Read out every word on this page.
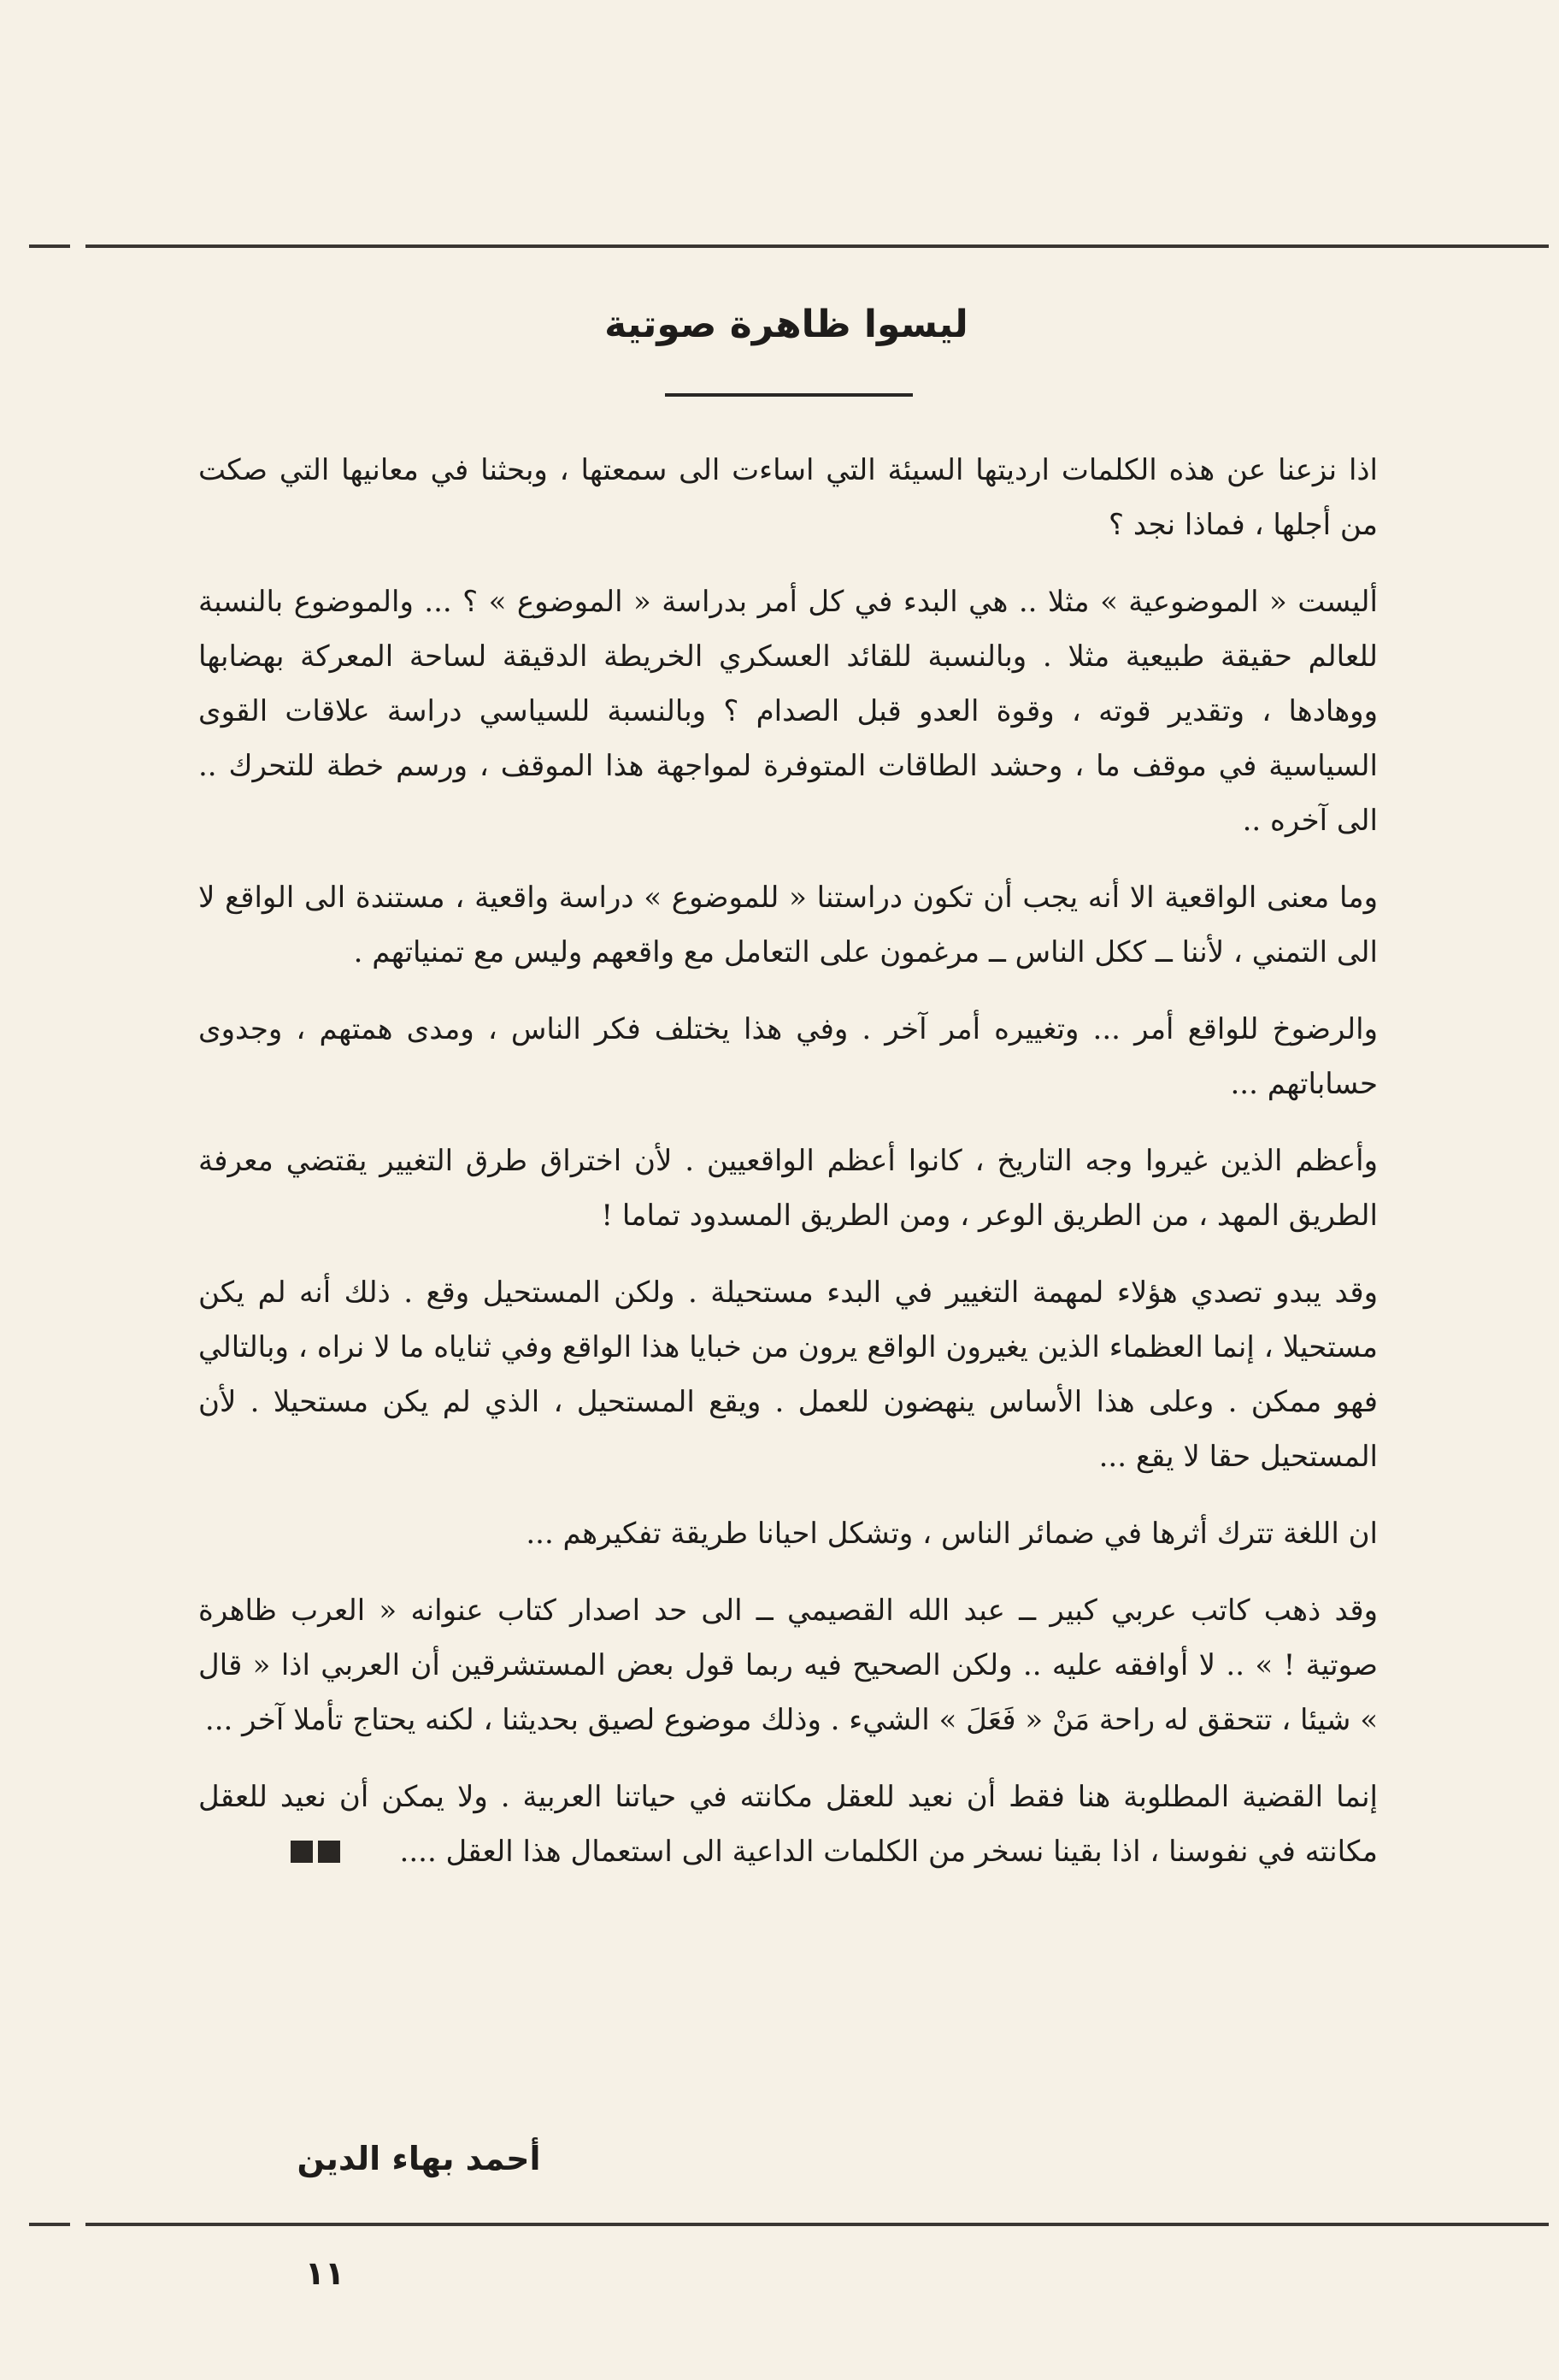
ليسوا ظاهرة صوتية

اذا نزعنا عن هذه الكلمات ارديتها السيئة التي اساءت الى سمعتها ، وبحثنا في معانيها التي صكت من أجلها ، فماذا نجد ؟

أليست « الموضوعية » مثلا .. هي البدء في كل أمر بدراسة « الموضوع » ؟ ... والموضوع بالنسبة للعالم حقيقة طبيعية مثلا . وبالنسبة للقائد العسكري الخريطة الدقيقة لساحة المعركة بهضابها ووهادها ، وتقدير قوته ، وقوة العدو قبل الصدام ؟ وبالنسبة للسياسي دراسة علاقات القوى السياسية في موقف ما ، وحشد الطاقات المتوفرة لمواجهة هذا الموقف ، ورسم خطة للتحرك .. الى آخره ..

وما معنى الواقعية الا أنه يجب أن تكون دراستنا « للموضوع » دراسة واقعية ، مستندة الى الواقع لا الى التمني ، لأننا ــ ككل الناس ــ مرغمون على التعامل مع واقعهم وليس مع تمنياتهم .

والرضوخ للواقع أمر ... وتغييره أمر آخر . وفي هذا يختلف فكر الناس ، ومدى همتهم ، وجدوى حساباتهم ...

وأعظم الذين غيروا وجه التاريخ ، كانوا أعظم الواقعيين . لأن اختراق طرق التغيير يقتضي معرفة الطريق المهد ، من الطريق الوعر ، ومن الطريق المسدود تماما !

وقد يبدو تصدي هؤلاء لمهمة التغيير في البدء مستحيلة . ولكن المستحيل وقع . ذلك أنه لم يكن مستحيلا ، إنما العظماء الذين يغيرون الواقع يرون من خبايا هذا الواقع وفي ثناياه ما لا نراه ، وبالتالي فهو ممكن . وعلى هذا الأساس ينهضون للعمل . ويقع المستحيل ، الذي لم يكن مستحيلا . لأن المستحيل حقا لا يقع ...

ان اللغة تترك أثرها في ضمائر الناس ، وتشكل احيانا طريقة تفكيرهم ...

وقد ذهب كاتب عربي كبير ــ عبد الله القصيمي ــ الى حد اصدار كتاب عنوانه « العرب ظاهرة صوتية ! » .. لا أوافقه عليه .. ولكن الصحيح فيه ربما قول بعض المستشرقين أن العربي اذا « قال » شيئا ، تتحقق له راحة مَنْ « فَعَلَ » الشيء . وذلك موضوع لصيق بحديثنا ، لكنه يحتاج تأملا آخر ...

إنما القضية المطلوبة هنا فقط أن نعيد للعقل مكانته في حياتنا العربية . ولا يمكن أن نعيد للعقل مكانته في نفوسنا ، اذا بقينا نسخر من الكلمات الداعية الى استعمال هذا العقل ....

أحمد بهاء الدين
١١
